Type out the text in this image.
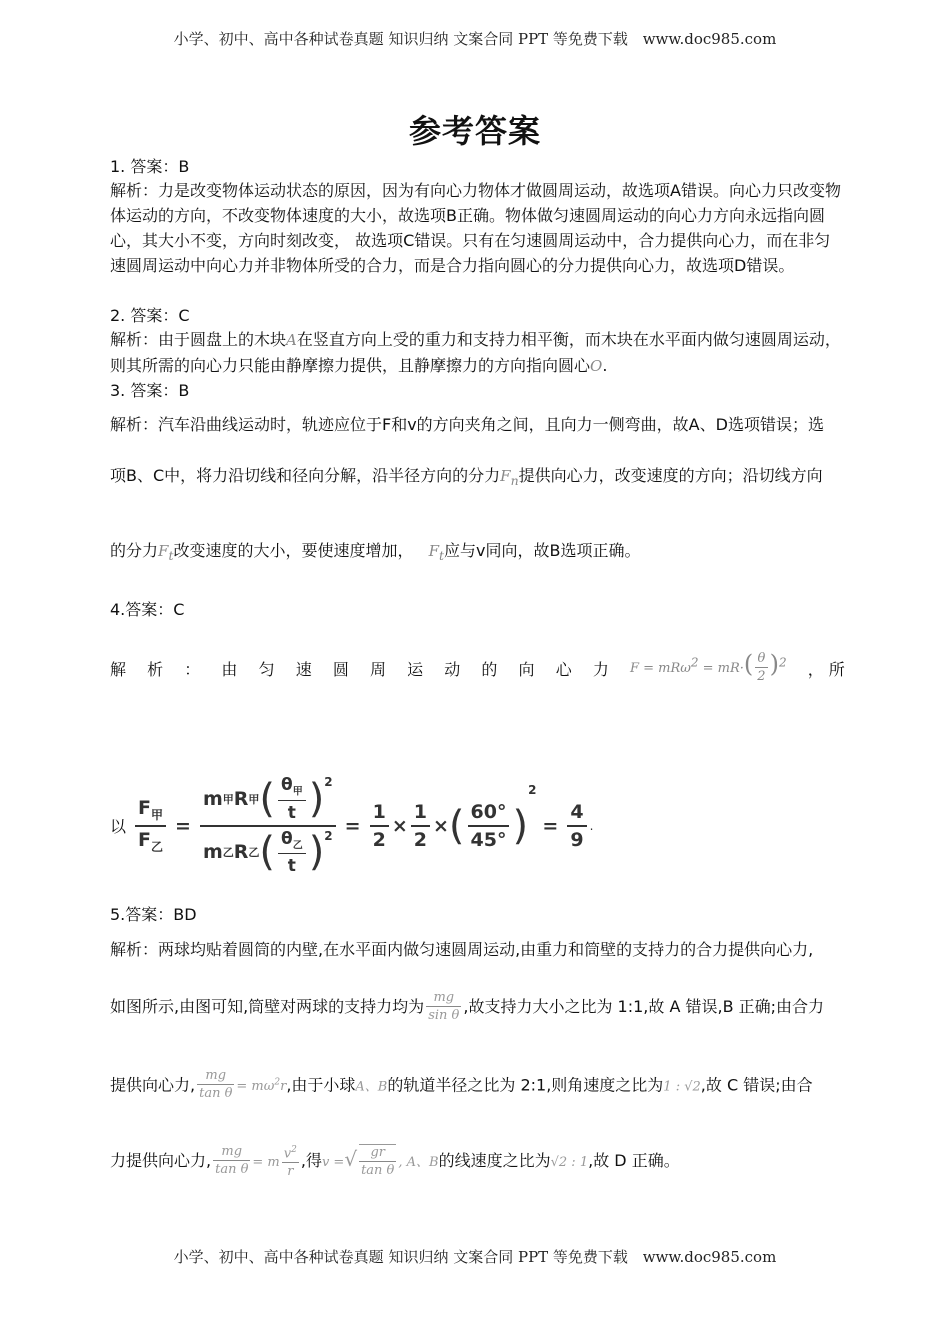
小学、初中、高中各种试卷真题 知识归纳 文案合同 PPT 等免费下载 www.doc985.com
参考答案
1. 答案：B
解析：力是改变物体运动状态的原因，因为有向心力物体才做圆周运动，故选项A错误。向心力只改变物体运动的方向，不改变物体速度的大小，故选项B正确。物体做匀速圆周运动的向心力方向永远指向圆心，其大小不变，方向时刻改变， 故选项C错误。只有在匀速圆周运动中，合力提供向心力，而在非匀速圆周运动中向心力并非物体所受的合力，而是合力指向圆心的分力提供向心力，故选项D错误。
2. 答案：C
解析：由于圆盘上的木块A在竖直方向上受的重力和支持力相平衡，而木块在水平面内做匀速圆周运动，则其所需的向心力只能由静摩擦力提供，且静摩擦力的方向指向圆心O.
3. 答案：B
解析：汽车沿曲线运动时，轨迹应位于F和v的方向夹角之间，且向力一侧弯曲，故A、D选项错误；选
项B、C中，将力沿切线和径向分解，沿半径方向的分力$F_n$提供向心力，改变速度的方向；沿切线方向
的分力$F_t$改变速度的大小，要使速度增加， $F_t$应与v同向，故B选项正确。
4.答案：C
解 析 ： 由 匀 速 圆 周 运 动 的 向 心 力 $F = mR\omega^2 = mR\cdot( \frac{\theta}{2} )^2$ ， 所
以
$F_甲$
$F_乙$
=
m 甲 R 甲 ( $\theta_甲$
t )$^2$
m 乙 R 乙 ( $\theta_乙$
t )$^2 = \frac{1}{2} \times \frac{1}{2}$ × ( 60°
45° )
2
= $\frac{4}{9}$ .
5.答案：BD
解析：两球均贴着圆筒的内壁,在水平面内做匀速圆周运动,由重力和筒壁的支持力的合力提供向心力,
如图所示,由图可知,筒壁对两球的支持力均为 $\frac{mg}{\text{sin θ}}$ ,故支持力大小之比为 1:1,故 A 错误,B 正确;由合力
提供向心力, $\frac{mg}{\text{tan θ}} = m\omega^2r$,由于小球A、B的轨道半径之比为 2:1,则角速度之比为1 : √2,故 C 错误;由合
力提供向心力, $\frac{mg}{\text{tan θ}} = m \frac{v^2}{r}$ ,得v =√ $\frac{gr}{\text{tan θ}}$ , A、B的线速度之比为√2 : 1,故 D 正确。
小学、初中、高中各种试卷真题 知识归纳 文案合同 PPT 等免费下载 www.doc985.com
